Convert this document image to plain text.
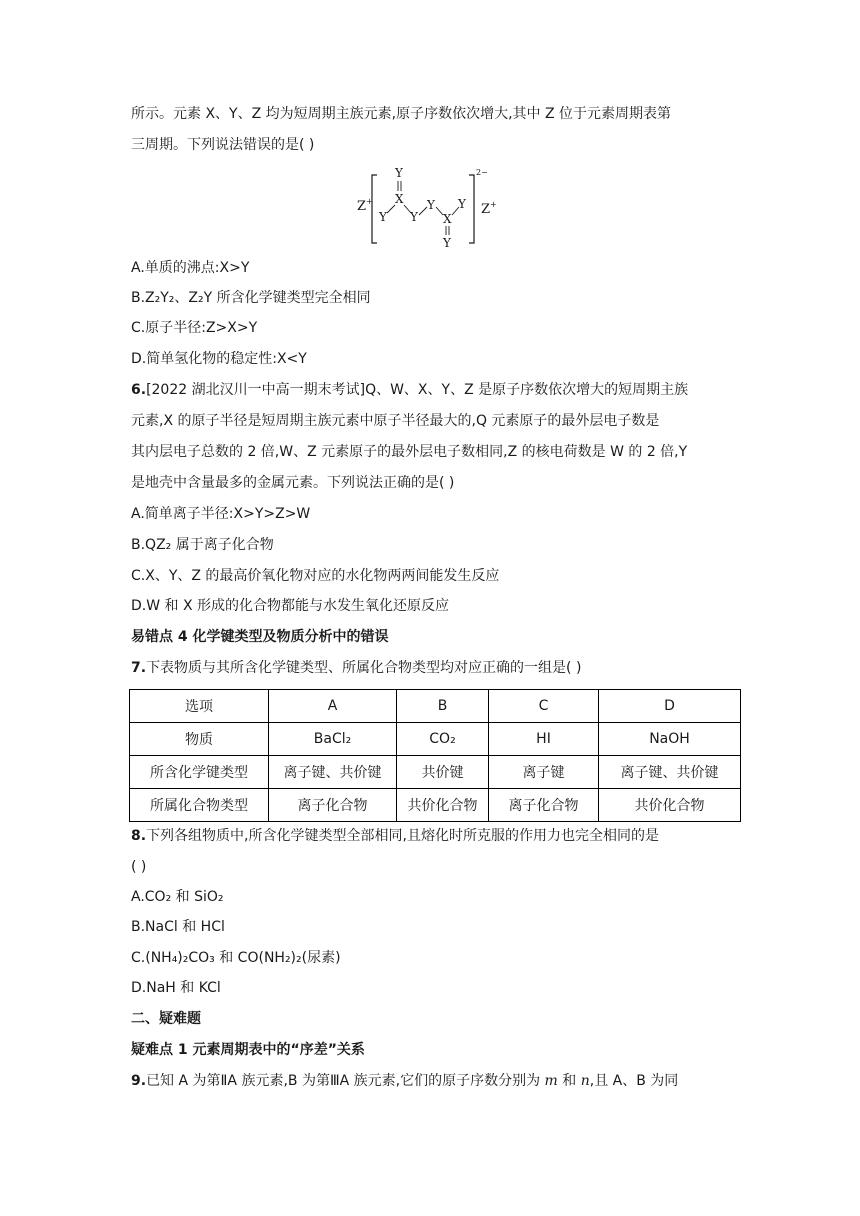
所示。元素 X、Y、Z 均为短周期主族元素,原子序数依次增大,其中 Z 位于元素周期表第
三周期。下列说法错误的是( )
Z +
2−
Z +
Y
X
Y Y
Y
X
Y
Y
A.单质的沸点:X>Y
B.Z₂Y₂、Z₂Y 所含化学键类型完全相同
C.原子半径:Z>X>Y
D.简单氢化物的稳定性:X<Y
6.[2022 湖北汉川一中高一期末考试]Q、W、X、Y、Z 是原子序数依次增大的短周期主族
元素,X 的原子半径是短周期主族元素中原子半径最大的,Q 元素原子的最外层电子数是
其内层电子总数的 2 倍,W、Z 元素原子的最外层电子数相同,Z 的核电荷数是 W 的 2 倍,Y
是地壳中含量最多的金属元素。下列说法正确的是( )
A.简单离子半径:X>Y>Z>W
B.QZ₂ 属于离子化合物
C.X、Y、Z 的最高价氧化物对应的水化物两两间能发生反应
D.W 和 X 形成的化合物都能与水发生氧化还原反应
易错点 4 化学键类型及物质分析中的错误
7.下表物质与其所含化学键类型、所属化合物类型均对应正确的一组是( )
选项	A	B	C	D
物质	BaCl₂	CO₂	HI	NaOH
所含化学键类型	离子键、共价键	共价键	离子键	离子键、共价键
所属化合物类型	离子化合物	共价化合物	离子化合物	共价化合物
8.下列各组物质中,所含化学键类型全部相同,且熔化时所克服的作用力也完全相同的是
( )
A.CO₂ 和 SiO₂
B.NaCl 和 HCl
C.(NH₄)₂CO₃ 和 CO(NH₂)₂(尿素)
D.NaH 和 KCl
二、疑难题
疑难点 1 元素周期表中的“序差”关系
9.已知 A 为第ⅡA 族元素,B 为第ⅢA 族元素,它们的原子序数分别为 m 和 n,且 A、B 为同
